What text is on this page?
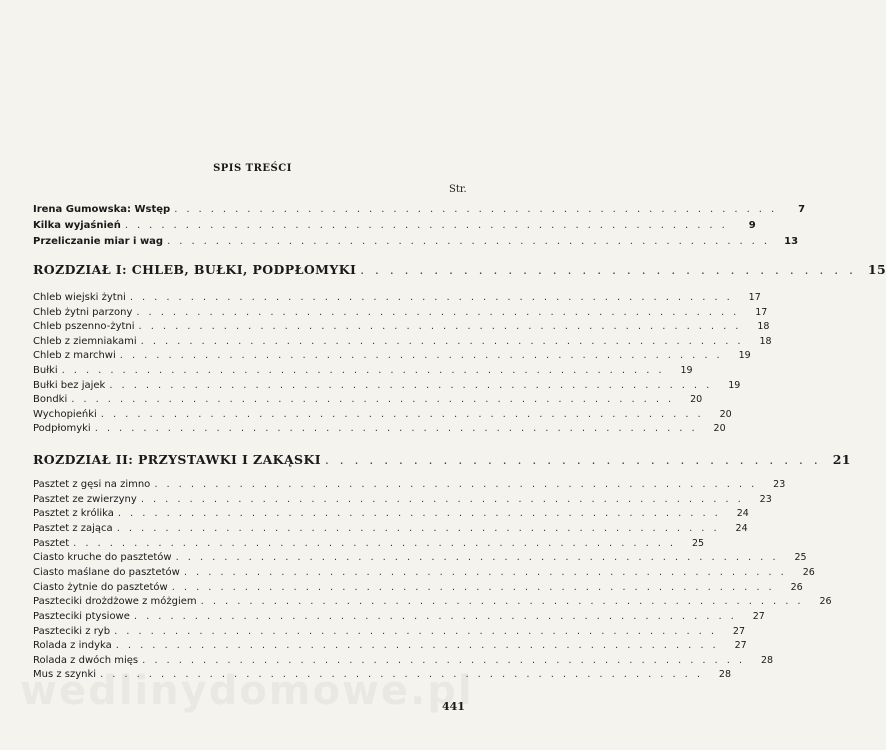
SPIS TREŚCI
Str.
Irena Gumowska: Wstęp ..................................................	7
Kilka wyjaśnień ..................................................	9
Przeliczanie miar i wag .................................................. 13
ROZDZIAŁ I: CHLEB, BUŁKI, PODPŁOMYKI .................................. 15
Chleb wiejski żytni ..................................................	17
Chleb żytni parzony ..................................................	17
Chleb pszenno-żytni ..................................................	18
Chleb z ziemniakami ..................................................	18
Chleb z marchwi ..................................................	19
Bułki ..................................................	19
Bułki bez jajek ..................................................	19
Bondki ..................................................	20
Wychopieńki ..................................................	20
Podpłomyki ..................................................	20
ROZDZIAŁ II: PRZYSTAWKI I ZAKĄSKI .................................. 21
Pasztet z gęsi na zimno ..................................................	23
Pasztet ze zwierzyny ..................................................	23
Pasztet z królika ..................................................	24
Pasztet z zająca ..................................................	24
Pasztet ..................................................	25
Ciasto kruche do pasztetów ..................................................	25
Ciasto maślane do pasztetów ..................................................	26
Ciasto żytnie do pasztetów ..................................................	26
Paszteciki drożdżowe z móżgiem ..................................................	26
Paszteciki ptysiowe ..................................................	27
Paszteciki z ryb ..................................................	27
Rolada z indyka ..................................................	27
Rolada z dwóch mięs ..................................................	28
Mus z szynki ..................................................	28
441
